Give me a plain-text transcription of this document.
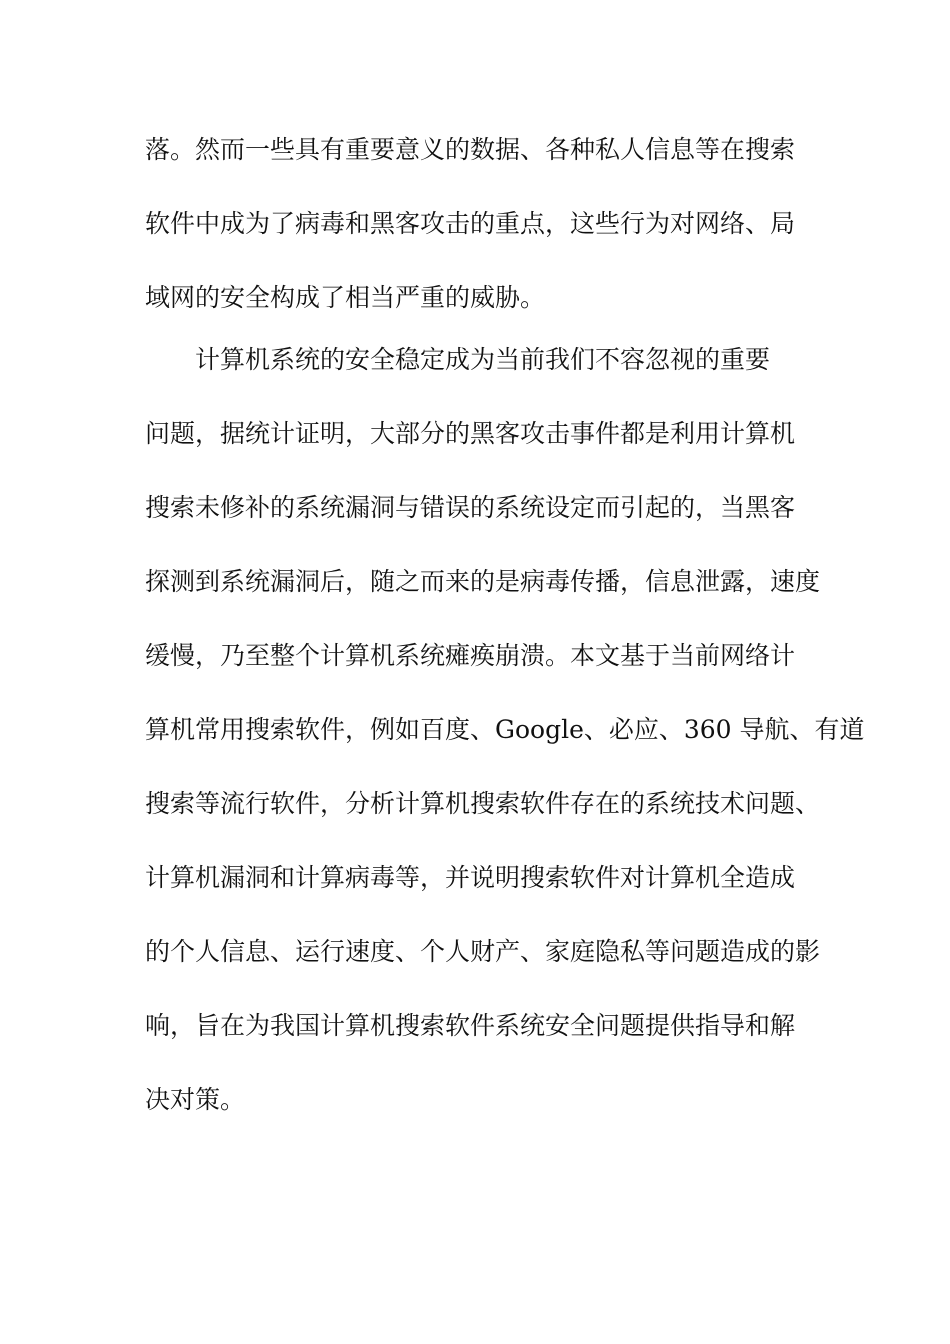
落。然而一些具有重要意义的数据、各种私人信息等在搜索
软件中成为了病毒和黑客攻击的重点，这些行为对网络、局
域网的安全构成了相当严重的威胁。
计算机系统的安全稳定成为当前我们不容忽视的重要
问题，据统计证明，大部分的黑客攻击事件都是利用计算机
搜索未修补的系统漏洞与错误的系统设定而引起的，当黑客
探测到系统漏洞后，随之而来的是病毒传播，信息泄露，速度
缓慢，乃至整个计算机系统瘫痪崩溃。本文基于当前网络计
算机常用搜索软件，例如百度、Google、必应、360 导航、有道
搜索等流行软件，分析计算机搜索软件存在的系统技术问题、
计算机漏洞和计算病毒等，并说明搜索软件对计算机全造成
的个人信息、运行速度、个人财产、家庭隐私等问题造成的影
响，旨在为我国计算机搜索软件系统安全问题提供指导和解
决对策。
